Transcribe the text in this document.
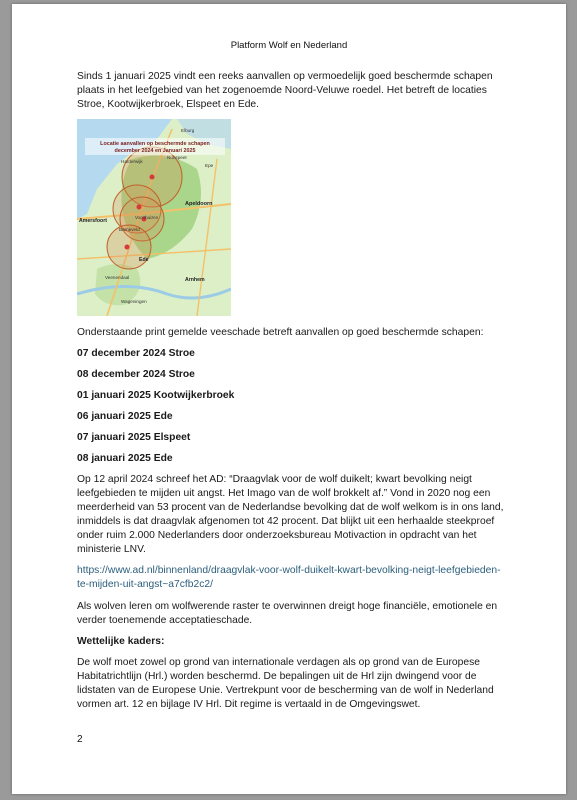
Platform Wolf en Nederland

Sinds 1 januari 2025 vindt een reeks aanvallen op vermoedelijk goed beschermde schapen plaats in het leefgebied van het zogenoemde Noord-Veluwe roedel. Het betreft de locaties Stroe, Kootwijkerbroek, Elspeet en Ede.

Locatie aanvallen op beschermde schapen
december 2024 en Januari 2025
Apeldoorn
Amersfoort
Ede
Arnhem
Barneveld
Harderwijk
Nunspeet
Veenendaal
Epe
Elburg
Voorthuizen
Wageningen

Onderstaande print gemelde veeschade betreft aanvallen op goed beschermde schapen:

07 december 2024 Stroe

08 december 2024 Stroe

01 januari 2025 Kootwijkerbroek

06 januari 2025 Ede

07 januari 2025 Elspeet

08 januari 2025 Ede

Op 12 april 2024 schreef het AD: “Draagvlak voor de wolf duikelt; kwart bevolking neigt leefgebieden te mijden uit angst. Het Imago van de wolf brokkelt af.” Vond in 2020 nog een meerderheid van 53 procent van de Nederlandse bevolking dat de wolf welkom is in ons land, inmiddels is dat draagvlak afgenomen tot 42 procent. Dat blijkt uit een herhaalde steekproef onder ruim 2.000 Nederlanders door onderzoeksbureau Motivaction in opdracht van het ministerie LNV.

https://www.ad.nl/binnenland/draagvlak-voor-wolf-duikelt-kwart-bevolking-neigt-leefgebieden-te-mijden-uit-angst~a7cfb2c2/

Als wolven leren om wolfwerende raster te overwinnen dreigt hoge financiële, emotionele en verder toenemende acceptatieschade.

Wettelijke kaders:

De wolf moet zowel op grond van internationale verdagen als op grond van de Europese Habitatrichtlijn (Hrl.) worden beschermd. De bepalingen uit de Hrl zijn dwingend voor de lidstaten van de Europese Unie. Vertrekpunt voor de bescherming van de wolf in Nederland vormen art. 12 en bijlage IV Hrl. Dit regime is vertaald in de Omgevingswet.

2
